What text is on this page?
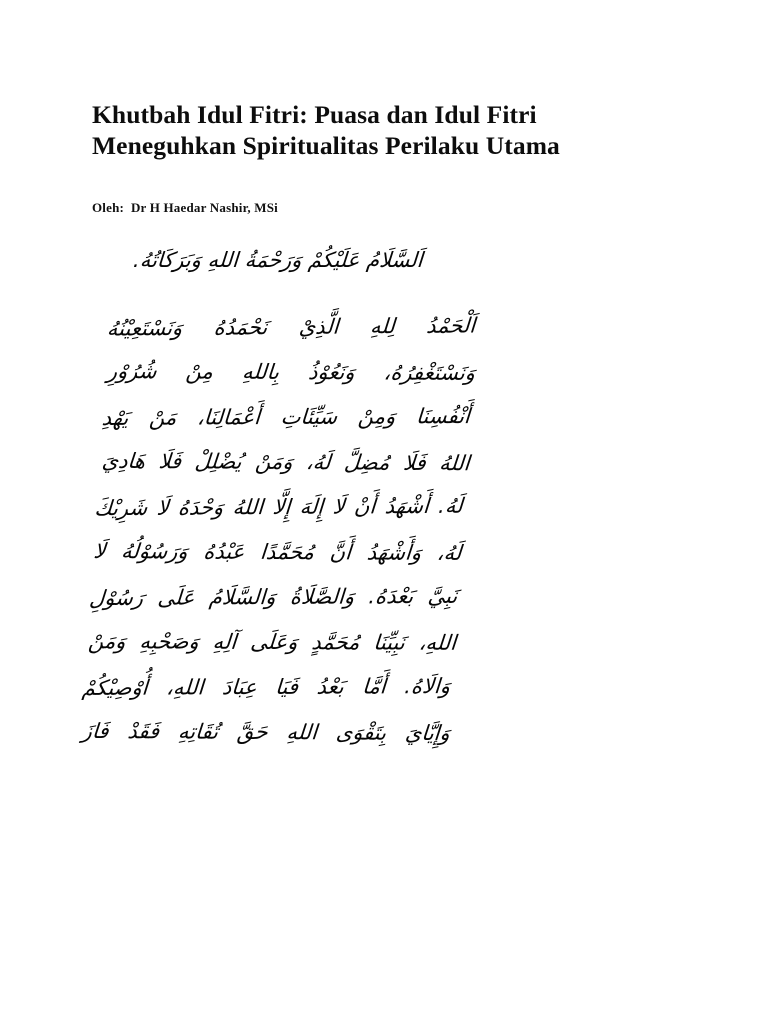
Khutbah Idul Fitri: Puasa dan Idul Fitri
Meneguhkan Spiritualitas Perilaku Utama
Oleh:  Dr H Haedar Nashir, MSi
اَلسَّلَامُ عَلَيْكُمْ وَرَحْمَةُ اللهِ وَبَرَكَاتُهُ.
اَلْحَمْدُ لِلهِ الَّذِيْ نَحْمَدُهُ وَنَسْتَعِيْنُهُ
وَنَسْتَغْفِرُهُ، وَنَعُوْذُ بِاللهِ مِنْ شُرُوْرِ
أَنْفُسِنَا وَمِنْ سَيِّئَاتِ أَعْمَالِنَا، مَنْ يَهْدِ
اللهُ فَلَا مُضِلَّ لَهُ، وَمَنْ يُضْلِلْ فَلَا هَادِيَ
لَهُ. أَشْهَدُ أَنْ لَا إِلَهَ إِلَّا اللهُ وَحْدَهُ لَا شَرِيْكَ
لَهُ، وَأَشْهَدُ أَنَّ مُحَمَّدًا عَبْدُهُ وَرَسُوْلُهُ لَا
نَبِيَّ بَعْدَهُ. وَالصَّلَاةُ وَالسَّلَامُ عَلَى رَسُوْلِ
اللهِ، نَبِيِّنَا مُحَمَّدٍ وَعَلَى آلِهِ وَصَحْبِهِ وَمَنْ
وَالَاهُ. أَمَّا بَعْدُ فَيَا عِبَادَ اللهِ، أُوْصِيْكُمْ
وَإِيَّايَ بِتَقْوَى اللهِ حَقَّ تُقَاتِهِ فَقَدْ فَازَ
